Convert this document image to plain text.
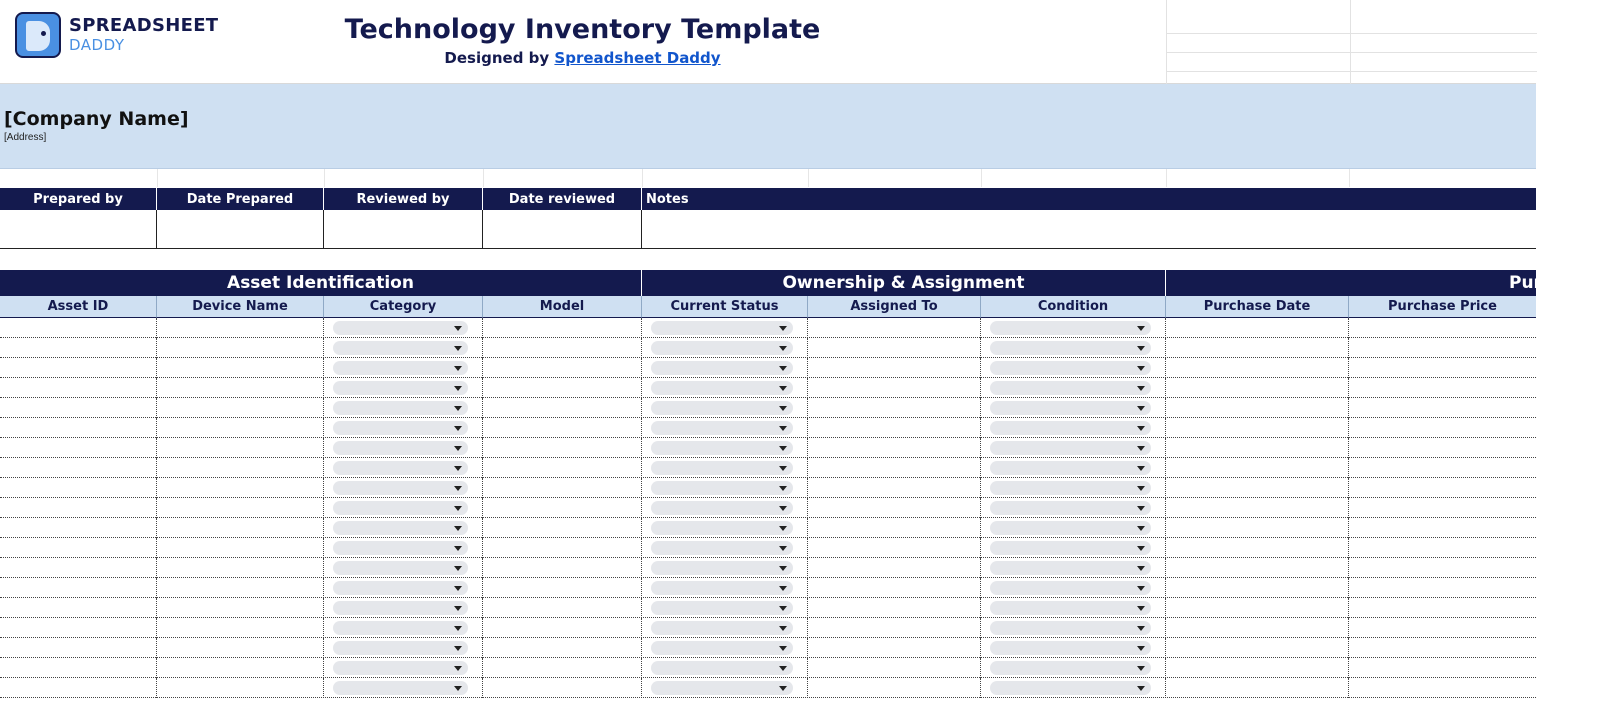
SPREADSHEET
DADDY	Technology Inventory Template
Designed by Spreadsheet Daddy
[Company Name]
[Address]
Prepared by	Date Prepared	Reviewed by	Date reviewed	Notes
Asset Identification	Ownership & Assignment	Purchase
Asset ID	Device Name	Category	Model	Current Status	Assigned To	Condition	Purchase Date	Purchase Price
